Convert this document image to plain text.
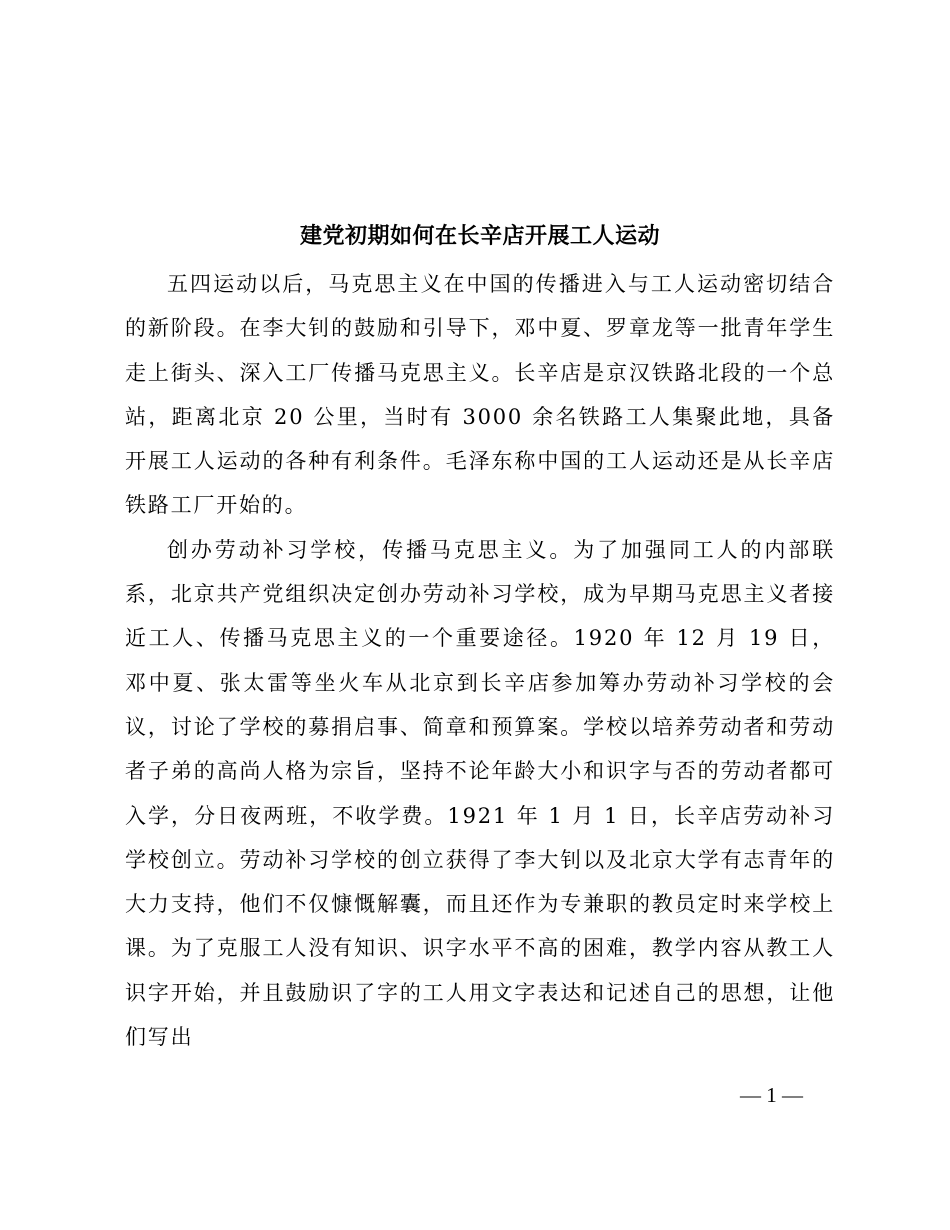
建党初期如何在长辛店开展工人运动

五四运动以后，马克思主义在中国的传播进入与工人运动密切结合的新阶段。在李大钊的鼓励和引导下，邓中夏、罗章龙等一批青年学生走上街头、深入工厂传播马克思主义。长辛店是京汉铁路北段的一个总站，距离北京 20 公里，当时有 3000 余名铁路工人集聚此地，具备开展工人运动的各种有利条件。毛泽东称中国的工人运动还是从长辛店铁路工厂开始的。

创办劳动补习学校，传播马克思主义。为了加强同工人的内部联系，北京共产党组织决定创办劳动补习学校，成为早期马克思主义者接近工人、传播马克思主义的一个重要途径。1920 年 12 月 19 日，邓中夏、张太雷等坐火车从北京到长辛店参加筹办劳动补习学校的会议，讨论了学校的募捐启事、简章和预算案。学校以培养劳动者和劳动者子弟的高尚人格为宗旨，坚持不论年龄大小和识字与否的劳动者都可入学，分日夜两班，不收学费。1921 年 1 月 1 日，长辛店劳动补习学校创立。劳动补习学校的创立获得了李大钊以及北京大学有志青年的大力支持，他们不仅慷慨解囊，而且还作为专兼职的教员定时来学校上课。为了克服工人没有知识、识字水平不高的困难，教学内容从教工人识字开始，并且鼓励识了字的工人用文字表达和记述自己的思想，让他们写出

— 1 —
